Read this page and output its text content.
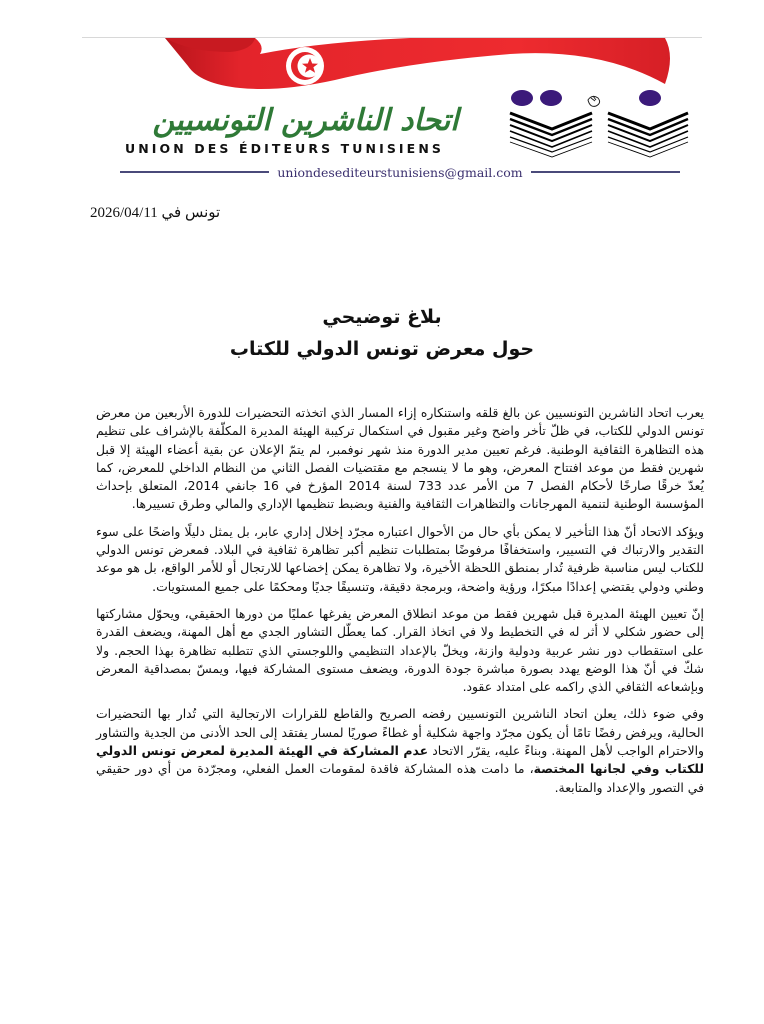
اتحاد الناشرين التونسيين
UNION DES ÉDITEURS TUNISIENS
uniondesediteurstunisiens@gmail.com
تونس في 2026/04/11
بلاغ توضيحي
حول معرض تونس الدولي للكتاب

يعرب اتحاد الناشرين التونسيين عن بالغ قلقه واستنكاره إزاء المسار الذي اتخذته التحضيرات للدورة الأربعين من معرض تونس الدولي للكتاب، في ظلّ تأخر واضح وغير مقبول في استكمال تركيبة الهيئة المديرة المكلّفة بالإشراف على تنظيم هذه التظاهرة الثقافية الوطنية. فرغم تعيين مدير الدورة منذ شهر نوفمبر، لم يتمّ الإعلان عن بقية أعضاء الهيئة إلا قبل شهرين فقط من موعد افتتاح المعرض، وهو ما لا ينسجم مع مقتضيات الفصل الثاني من النظام الداخلي للمعرض، كما يُعدّ خرقًا صارخًا لأحكام الفصل 7 من الأمر عدد 733 لسنة 2014 المؤرخ في 16 جانفي 2014، المتعلق بإحداث المؤسسة الوطنية لتنمية المهرجانات والتظاهرات الثقافية والفنية وبضبط تنظيمها الإداري والمالي وطرق تسييرها.

ويؤكد الاتحاد أنّ هذا التأخير لا يمكن بأي حال من الأحوال اعتباره مجرّد إخلال إداري عابر، بل يمثل دليلًا واضحًا على سوء التقدير والارتباك في التسيير، واستخفافًا مرفوضًا بمتطلبات تنظيم أكبر تظاهرة ثقافية في البلاد. فمعرض تونس الدولي للكتاب ليس مناسبة ظرفية تُدار بمنطق اللحظة الأخيرة، ولا تظاهرة يمكن إخضاعها للارتجال أو للأمر الواقع، بل هو موعد وطني ودولي يقتضي إعدادًا مبكرًا، ورؤية واضحة، وبرمجة دقيقة، وتنسيقًا جديًا ومحكمًا على جميع المستويات.

إنّ تعيين الهيئة المديرة قبل شهرين فقط من موعد انطلاق المعرض يفرغها عمليًا من دورها الحقيقي، ويحوّل مشاركتها إلى حضور شكلي لا أثر له في التخطيط ولا في اتخاذ القرار. كما يعطّل التشاور الجدي مع أهل المهنة، ويضعف القدرة على استقطاب دور نشر عربية ودولية وازنة، ويخلّ بالإعداد التنظيمي واللوجستي الذي تتطلبه تظاهرة بهذا الحجم. ولا شكّ في أنّ هذا الوضع يهدد بصورة مباشرة جودة الدورة، ويضعف مستوى المشاركة فيها، ويمسّ بمصداقية المعرض وبإشعاعه الثقافي الذي راكمه على امتداد عقود.

وفي ضوء ذلك، يعلن اتحاد الناشرين التونسيين رفضه الصريح والقاطع للقرارات الارتجالية التي تُدار بها التحضيرات الحالية، ويرفض رفضًا تامًا أن يكون مجرّد واجهة شكلية أو غطاءً صوريًا لمسار يفتقد إلى الحد الأدنى من الجدية والتشاور والاحترام الواجب لأهل المهنة. وبناءً عليه، يقرّر الاتحاد عدم المشاركة في الهيئة المديرة لمعرض تونس الدولي للكتاب وفي لجانها المختصة، ما دامت هذه المشاركة فاقدة لمقومات العمل الفعلي، ومجرّدة من أي دور حقيقي في التصور والإعداد والمتابعة.
